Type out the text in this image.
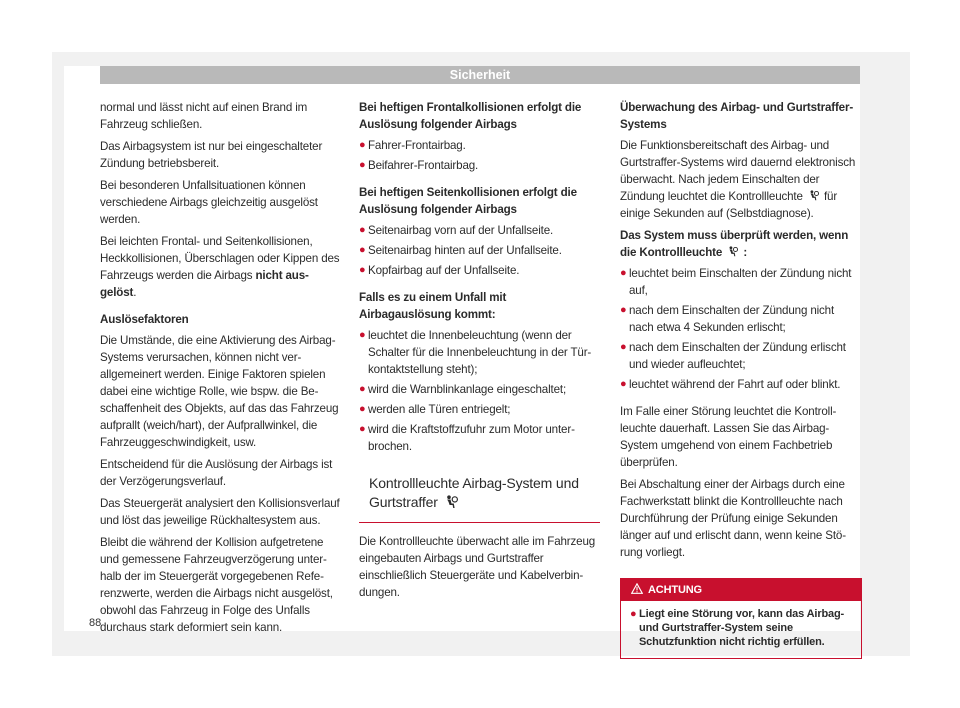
Sicherheit

normal und lässt nicht auf einen Brand im Fahrzeug schließen.

Das Airbagsystem ist nur bei eingeschalteter Zündung betriebsbereit.

Bei besonderen Unfallsituationen können verschiedene Airbags gleichzeitig ausgelöst werden.

Bei leichten Frontal- und Seitenkollisionen, Heckkollisionen, Überschlagen oder Kippen des Fahrzeugs werden die Airbags nicht ausgelöst.

Auslösefaktoren

Die Umstände, die eine Aktivierung des Airbag-Systems verursachen, können nicht verallgemeinert werden. Einige Faktoren spielen dabei eine wichtige Rolle, wie bspw. die Beschaffenheit des Objekts, auf das das Fahrzeug aufprallt (weich/hart), der Aufprallwinkel, die Fahrzeuggeschwindigkeit, usw.

Entscheidend für die Auslösung der Airbags ist der Verzögerungsverlauf.

Das Steuergerät analysiert den Kollisionsverlauf und löst das jeweilige Rückhaltesystem aus.

Bleibt die während der Kollision aufgetretene und gemessene Fahrzeugverzögerung unterhalb der im Steuergerät vorgegebenen Referenzwerte, werden die Airbags nicht ausgelöst, obwohl das Fahrzeug in Folge des Unfalls durchaus stark deformiert sein kann.

Bei heftigen Frontalkollisionen erfolgt die Auslösung folgender Airbags

● Fahrer-Frontairbag.
● Beifahrer-Frontairbag.

Bei heftigen Seitenkollisionen erfolgt die Auslösung folgender Airbags

● Seitenairbag vorn auf der Unfallseite.
● Seitenairbag hinten auf der Unfallseite.
● Kopfairbag auf der Unfallseite.

Falls es zu einem Unfall mit Airbagauslösung kommt:

● leuchtet die Innenbeleuchtung (wenn der Schalter für die Innenbeleuchtung in der Türkontaktstellung steht);
● wird die Warnblinkanlage eingeschaltet;
● werden alle Türen entriegelt;
● wird die Kraftstoffzufuhr zum Motor unterbrochen.
Kontrollleuchte Airbag-System und Gurtstraffer

Die Kontrollleuchte überwacht alle im Fahrzeug eingebauten Airbags und Gurtstraffer einschließlich Steuergeräte und Kabelverbindungen.

Überwachung des Airbag- und Gurtstraffer-Systems

Die Funktionsbereitschaft des Airbag- und Gurtstraffer-Systems wird dauernd elektronisch überwacht. Nach jedem Einschalten der Zündung leuchtet die Kontrollleuchte für einige Sekunden auf (Selbstdiagnose).

Das System muss überprüft werden, wenn die Kontrollleuchte :

● leuchtet beim Einschalten der Zündung nicht auf,
● nach dem Einschalten der Zündung nicht nach etwa 4 Sekunden erlischt;
● nach dem Einschalten der Zündung erlischt und wieder aufleuchtet;
● leuchtet während der Fahrt auf oder blinkt.

Im Falle einer Störung leuchtet die Kontrollleuchte dauerhaft. Lassen Sie das Airbag-System umgehend von einem Fachbetrieb überprüfen.

Bei Abschaltung einer der Airbags durch eine Fachwerkstatt blinkt die Kontrollleuchte nach Durchführung der Prüfung einige Sekunden länger auf und erlischt dann, wenn keine Störung vorliegt.

ACHTUNG
● Liegt eine Störung vor, kann das Airbag- und Gurtstraffer-System seine Schutzfunktion nicht richtig erfüllen.
88
